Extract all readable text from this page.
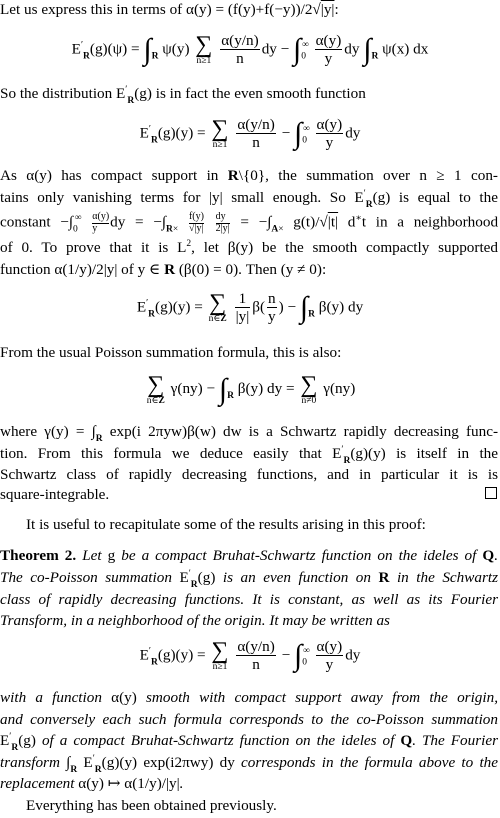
Let us express this in terms of α(y) = (f(y)+f(−y))/2√|y|:
$E'_R(g)(\psi) = \int_R$ ψ(y) ∑
n≥1
$\frac{\alpha(y/n)}{n}$ dy − $\int_0^\infty \frac{\alpha(y)}{y}$ dy $\int_R$ ψ(x) dx
So the distribution $E'_R(g)$ is in fact the even smooth function
$E'_R(g)(y)$ = ∑
n≥1
$\frac{\alpha(y/n)}{n} - \int_0^\infty \frac{\alpha(y)}{y}$ dy
As α(y) has compact support in R\{0}, the summation over n ≥ 1 con-
tains only vanishing terms for |y| small enough. So $E'_R(g)$ is equal to the
constant $-\int_0^\infty \frac{\alpha(y)}{y}$ dy = $-\int_{R\times} \frac{f(y)}{√|y|}$
$\frac{dy}{2|y|} = -\int_{A\times}$ g(t)/√|t| d∗t in a neighborhood
of 0. To prove that it is $L^2$, let β(y) be the smooth compactly supported
function α(1/y)/2|y| of y ∈ R (β(0) = 0). Then (y ≠ 0):
$E'_R(g)(y)$ = ∑
n∈Z
$\frac{1}{|y|} \beta( \frac{n}{y}$ ) − $\int_R$ β(y) dy
From the usual Poisson summation formula, this is also:
∑
n∈Z
$\gamma(ny) - \int_R$ β(y) dy = ∑
n≠0
γ(ny)
where $\gamma(y) = \int_R$ exp(i 2πyw)β(w) dw is a Schwartz rapidly decreasing func-
tion. From this formula we deduce easily that $E'_R(g)(y)$ is itself in the
Schwartz class of rapidly decreasing functions, and in particular it is is
square-integrable.
It is useful to recapitulate some of the results arising in this proof:
Theorem 2. Let g be a compact Bruhat-Schwartz function on the ideles of Q.
The co-Poisson summation $E'_R(g)$ is an even function on R in the Schwartz
class of rapidly decreasing functions. It is constant, as well as its Fourier
Transform, in a neighborhood of the origin. It may be written as
$E'_R(g)(y)$ = ∑
n≥1
$\frac{\alpha(y/n)}{n} - \int_0^\infty \frac{\alpha(y)}{y}$ dy
with a function α(y) smooth with compact support away from the origin,
and conversely each such formula corresponds to the co-Poisson summation
$E'_R(g)$ of a compact Bruhat-Schwartz function on the ideles of Q. The Fourier
transform $\int_R$ $E'_R(g)(y)$ exp(i2πwy) dy corresponds in the formula above to the
replacement α(y) ↦ α(1/y)/|y|.
Everything has been obtained previously.
